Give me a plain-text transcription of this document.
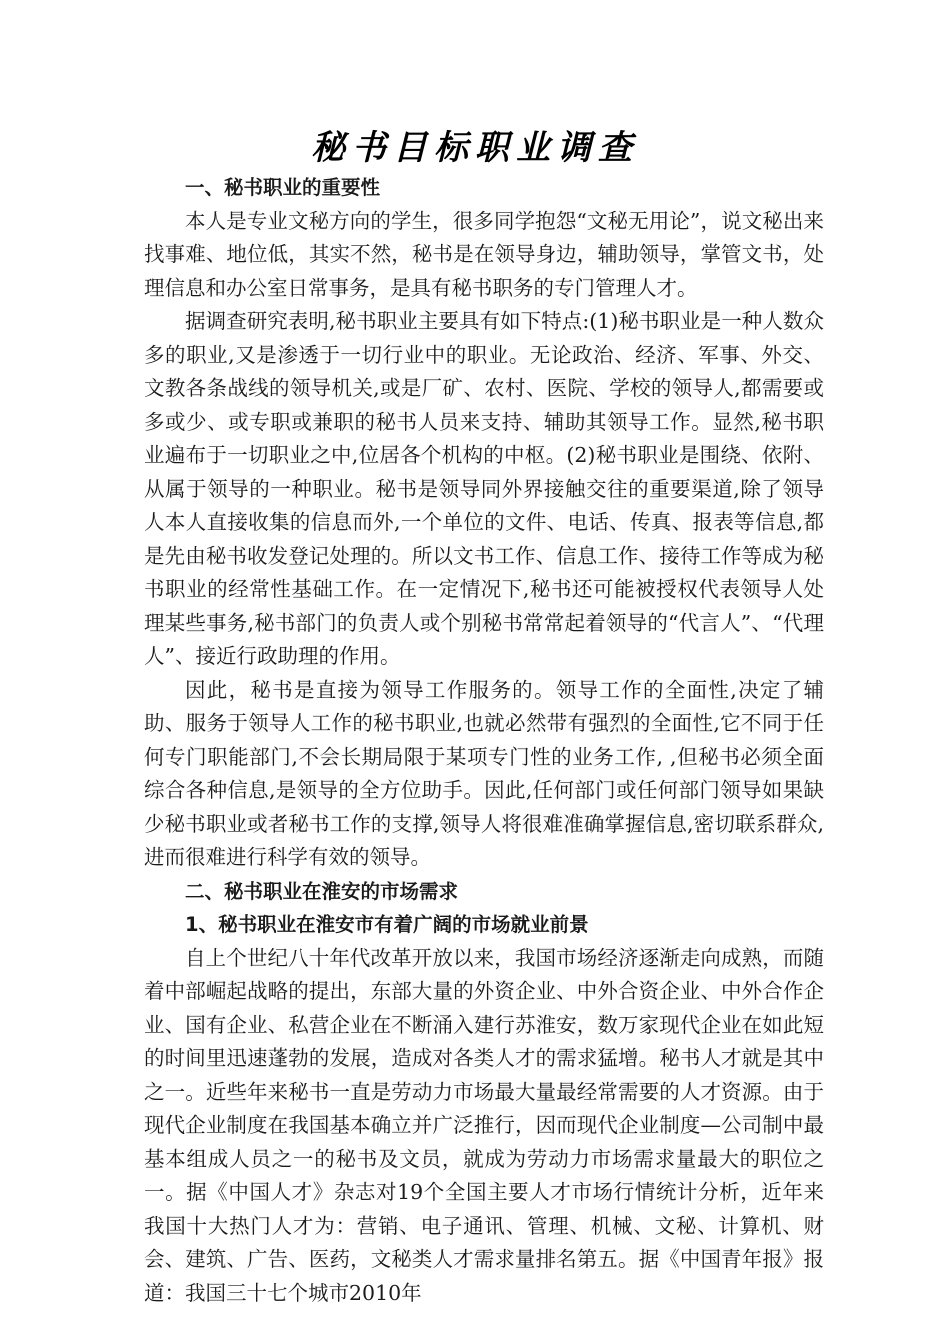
秘书目标职业调查

一、秘书职业的重要性

本人是专业文秘方向的学生，很多同学抱怨“文秘无用论”，说文秘出来找事难、地位低，其实不然，秘书是在领导身边，辅助领导，掌管文书，处理信息和办公室日常事务，是具有秘书职务的专门管理人才。

据调查研究表明,秘书职业主要具有如下特点:(1)秘书职业是一种人数众多的职业,又是渗透于一切行业中的职业。无论政治、经济、军事、外交、文教各条战线的领导机关,或是厂矿、农村、医院、学校的领导人,都需要或多或少、或专职或兼职的秘书人员来支持、辅助其领导工作。显然,秘书职业遍布于一切职业之中,位居各个机构的中枢。(2)秘书职业是围绕、依附、从属于领导的一种职业。秘书是领导同外界接触交往的重要渠道,除了领导人本人直接收集的信息而外,一个单位的文件、电话、传真、报表等信息,都是先由秘书收发登记处理的。所以文书工作、信息工作、接待工作等成为秘书职业的经常性基础工作。在一定情况下,秘书还可能被授权代表领导人处理某些事务,秘书部门的负责人或个别秘书常常起着领导的“代言人”、“代理人”、接近行政助理的作用。

因此，秘书是直接为领导工作服务的。领导工作的全面性,决定了辅助、服务于领导人工作的秘书职业,也就必然带有强烈的全面性,它不同于任何专门职能部门,不会长期局限于某项专门性的业务工作, ,但秘书必须全面综合各种信息,是领导的全方位助手。因此,任何部门或任何部门领导如果缺少秘书职业或者秘书工作的支撑,领导人将很难准确掌握信息,密切联系群众,进而很难进行科学有效的领导。

二、秘书职业在淮安的市场需求

1、秘书职业在淮安市有着广阔的市场就业前景

自上个世纪八十年代改革开放以来，我国市场经济逐渐走向成熟，而随着中部崛起战略的提出，东部大量的外资企业、中外合资企业、中外合作企业、国有企业、私营企业在不断涌入建行苏淮安，数万家现代企业在如此短的时间里迅速蓬勃的发展，造成对各类人才的需求猛增。秘书人才就是其中之一。近些年来秘书一直是劳动力市场最大量最经常需要的人才资源。由于现代企业制度在我国基本确立并广泛推行，因而现代企业制度—公司制中最基本组成人员之一的秘书及文员，就成为劳动力市场需求量最大的职位之一。据《中国人才》杂志对19个全国主要人才市场行情统计分析，近年来我国十大热门人才为：营销、电子通讯、管理、机械、文秘、计算机、财会、建筑、广告、医药，文秘类人才需求量排名第五。据《中国青年报》报道：我国三十七个城市2010年
